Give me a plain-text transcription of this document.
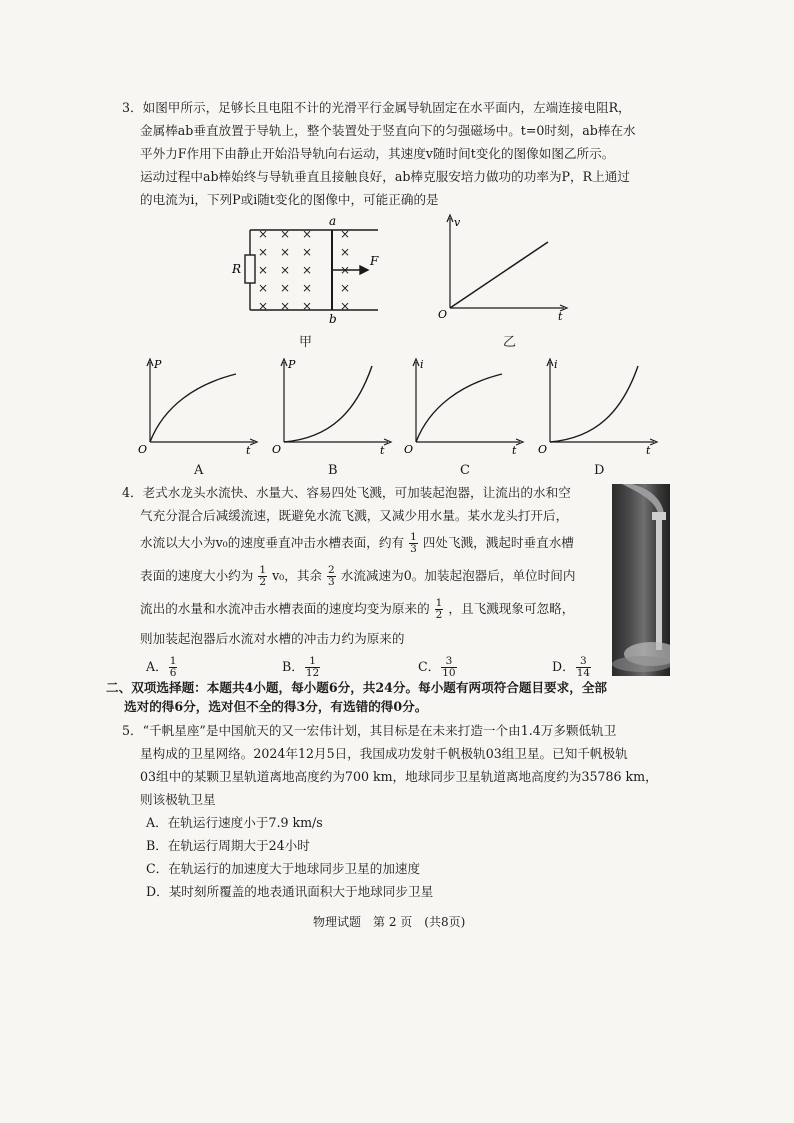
3．如图甲所示，足够长且电阻不计的光滑平行金属导轨固定在水平面内，左端连接电阻R，
金属棒ab垂直放置于导轨上，整个装置处于竖直向下的匀强磁场中。t=0时刻，ab棒在水
平外力F作用下由静止开始沿导轨向右运动，其速度v随时间t变化的图像如图乙所示。
运动过程中ab棒始终与导轨垂直且接触良好，ab棒克服安培力做功的功率为P，R上通过
的电流为i，下列P或i随t变化的图像中，可能正确的是
× × × ×
× × × ×
× × × ×
× × × ×
× × × ×
R
a
b
F
甲
v
t
O
乙
P
t
O
A
P
t
O
B
i
t
O
C
i
t
O
D
4．老式水龙头水流快、水量大、容易四处飞溅，可加装起泡器，让流出的水和空
气充分混合后减缓流速，既避免水流飞溅，又减少用水量。某水龙头打开后，
水流以大小为v₀的速度垂直冲击水槽表面，约有 $\frac{1}{3}$ 四处飞溅，溅起时垂直水槽
表面的速度大小约为 $\frac{1}{2} v_0$，其余 $\frac{2}{3}$ 水流减速为0。加装起泡器后，单位时间内
流出的水量和水流冲击水槽表面的速度均变为原来的 $\frac{1}{2}$ ，且飞溅现象可忽略，
则加装起泡器后水流对水槽的冲击力约为原来的
A． $\frac{1}{6}$	B． $\frac{1}{12}$	C． $\frac{3}{10}$	D． $\frac{3}{14}$
二、双项选择题：本题共4小题，每小题6分，共24分。每小题有两项符合题目要求，全部
选对的得6分，选对但不全的得3分，有选错的得0分。
5．“千帆星座”是中国航天的又一宏伟计划，其目标是在未来打造一个由1.4万多颗低轨卫
星构成的卫星网络。2024年12月5日，我国成功发射千帆极轨03组卫星。已知千帆极轨
03组中的某颗卫星轨道离地高度约为700 km，地球同步卫星轨道离地高度约为35786 km，
则该极轨卫星
A．在轨运行速度小于7.9 km/s
B．在轨运行周期大于24小时
C．在轨运行的加速度大于地球同步卫星的加速度
D．某时刻所覆盖的地表通讯面积大于地球同步卫星
物理试题　第 2 页　(共8页)
